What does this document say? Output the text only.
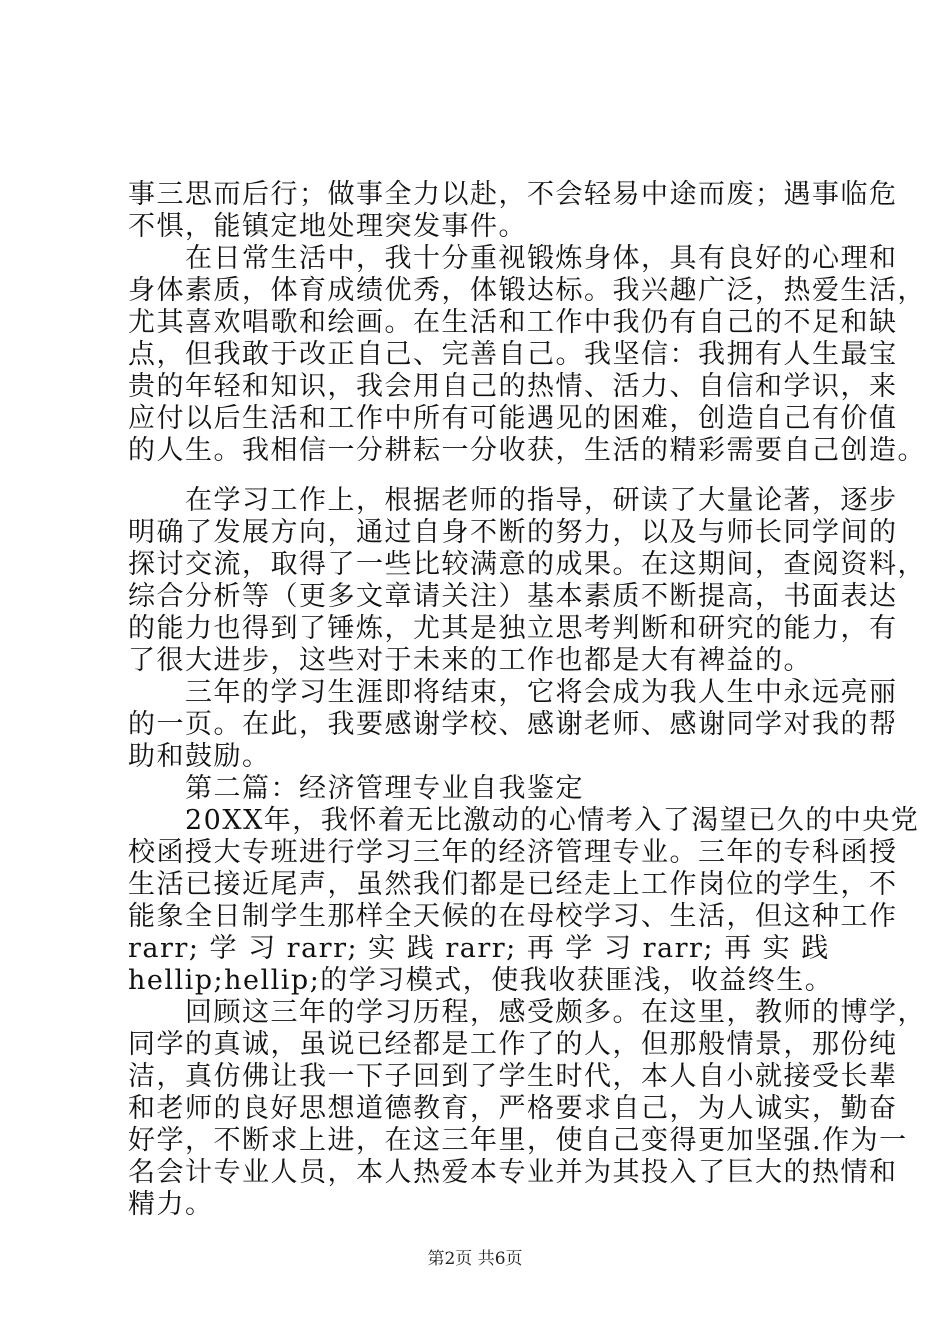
事三思而后行；做事全力以赴，不会轻易中途而废；遇事临危
不惧，能镇定地处理突发事件。
　　在日常生活中，我十分重视锻炼身体，具有良好的心理和
身体素质，体育成绩优秀，体锻达标。我兴趣广泛，热爱生活，
尤其喜欢唱歌和绘画。在生活和工作中我仍有自己的不足和缺
点，但我敢于改正自己、完善自己。我坚信：我拥有人生最宝
贵的年轻和知识，我会用自己的热情、活力、自信和学识，来
应付以后生活和工作中所有可能遇见的困难，创造自己有价值
的人生。我相信一分耕耘一分收获，生活的精彩需要自己创造。
　　在学习工作上，根据老师的指导，研读了大量论著，逐步
明确了发展方向，通过自身不断的努力，以及与师长同学间的
探讨交流，取得了一些比较满意的成果。在这期间，查阅资料，
综合分析等（更多文章请关注）基本素质不断提高，书面表达
的能力也得到了锤炼，尤其是独立思考判断和研究的能力，有
了很大进步，这些对于未来的工作也都是大有裨益的。
　　三年的学习生涯即将结束，它将会成为我人生中永远亮丽
的一页。在此，我要感谢学校、感谢老师、感谢同学对我的帮
助和鼓励。
　　第二篇：经济管理专业自我鉴定
　　20XX年，我怀着无比激动的心情考入了渴望已久的中央党
校函授大专班进行学习三年的经济管理专业。三年的专科函授
生活已接近尾声，虽然我们都是已经走上工作岗位的学生，不
能象全日制学生那样全天候的在母校学习、生活，但这种工作
rarr; 学 习 rarr; 实 践 rarr; 再 学 习 rarr; 再 实 践
hellip;hellip;的学习模式，使我收获匪浅，收益终生。
　　回顾这三年的学习历程，感受颇多。在这里，教师的博学，
同学的真诚，虽说已经都是工作了的人，但那般情景，那份纯
洁，真仿佛让我一下子回到了学生时代，本人自小就接受长辈
和老师的良好思想道德教育，严格要求自己，为人诚实，勤奋
好学，不断求上进，在这三年里，使自己变得更加坚强.作为一
名会计专业人员，本人热爱本专业并为其投入了巨大的热情和
精力。
第2页 共6页
